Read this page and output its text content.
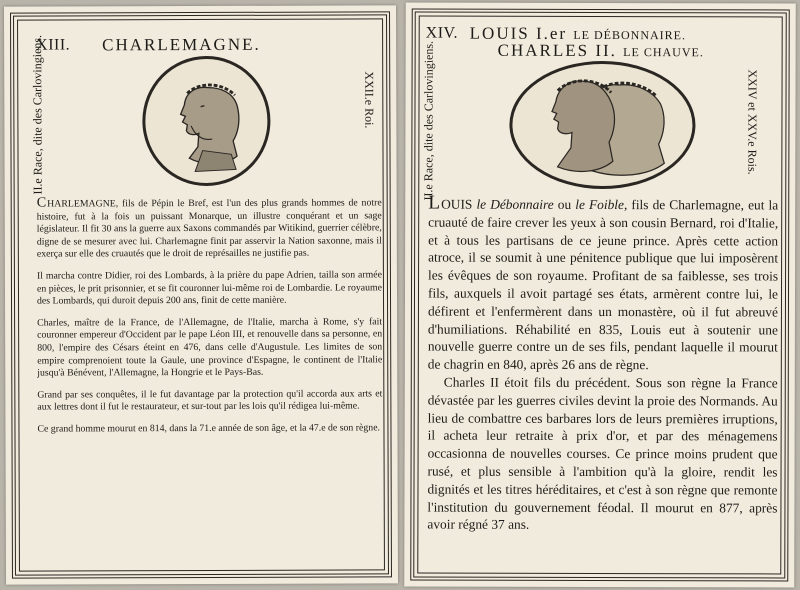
XIII. CHARLEMAGNE.
II.e Race, dite des Carlovingiens.	XXII.e Roi.

CHARLEMAGNE, fils de Pépin le Bref, est l'un des plus grands hommes de notre histoire, fut à la fois un puissant Monarque, un illustre conquérant et un sage législateur. Il fit 30 ans la guerre aux Saxons commandés par Witikind, guerrier célèbre, digne de se mesurer avec lui. Charlemagne finit par asservir la Nation saxonne, mais il exerça sur elle des cruautés que le droit de représailles ne justifie pas.

Il marcha contre Didier, roi des Lombards, à la prière du pape Adrien, tailla son armée en pièces, le prit prisonnier, et se fit couronner lui-même roi de Lombardie. Le royaume des Lombards, qui duroit depuis 200 ans, finit de cette manière.

Charles, maître de la France, de l'Allemagne, de l'Italie, marcha à Rome, s'y fait couronner empereur d'Occident par le pape Léon III, et renouvelle dans sa personne, en 800, l'empire des Césars éteint en 476, dans celle d'Augustule. Les limites de son empire comprenoient toute la Gaule, une province d'Espagne, le continent de l'Italie jusqu'à Bénévent, l'Allemagne, la Hongrie et le Pays-Bas.

Grand par ses conquêtes, il le fut davantage par la protection qu'il accorda aux arts et aux lettres dont il fut le restaurateur, et sur-tout par les lois qu'il rédigea lui-même.

Ce grand homme mourut en 814, dans la 71.e année de son âge, et la 47.e de son règne.

XIV. LOUIS I.er LE DÉBONNAIRE.
CHARLES II. LE CHAUVE.
II.e Race, dite des Carlovingiens.	XXIV et XXV.e Rois.

LOUIS le Débonnaire ou le Foible, fils de Charlemagne, eut la cruauté de faire crever les yeux à son cousin Bernard, roi d'Italie, et à tous les partisans de ce jeune prince. Après cette action atroce, il se soumit à une pénitence publique que lui imposèrent les évêques de son royaume. Profitant de sa faiblesse, ses trois fils, auxquels il avoit partagé ses états, armèrent contre lui, le défirent et l'enfermèrent dans un monastère, où il fut abreuvé d'humiliations. Réhabilité en 835, Louis eut à soutenir une nouvelle guerre contre un de ses fils, pendant laquelle il mourut de chagrin en 840, après 26 ans de règne.

Charles II étoit fils du précédent. Sous son règne la France dévastée par les guerres civiles devint la proie des Normands. Au lieu de combattre ces barbares lors de leurs premières irruptions, il acheta leur retraite à prix d'or, et par des ménagemens occasionna de nouvelles courses. Ce prince moins prudent que rusé, et plus sensible à l'ambition qu'à la gloire, rendit les dignités et les titres héréditaires, et c'est à son règne que remonte l'institution du gouvernement féodal. Il mourut en 877, après avoir régné 37 ans.
